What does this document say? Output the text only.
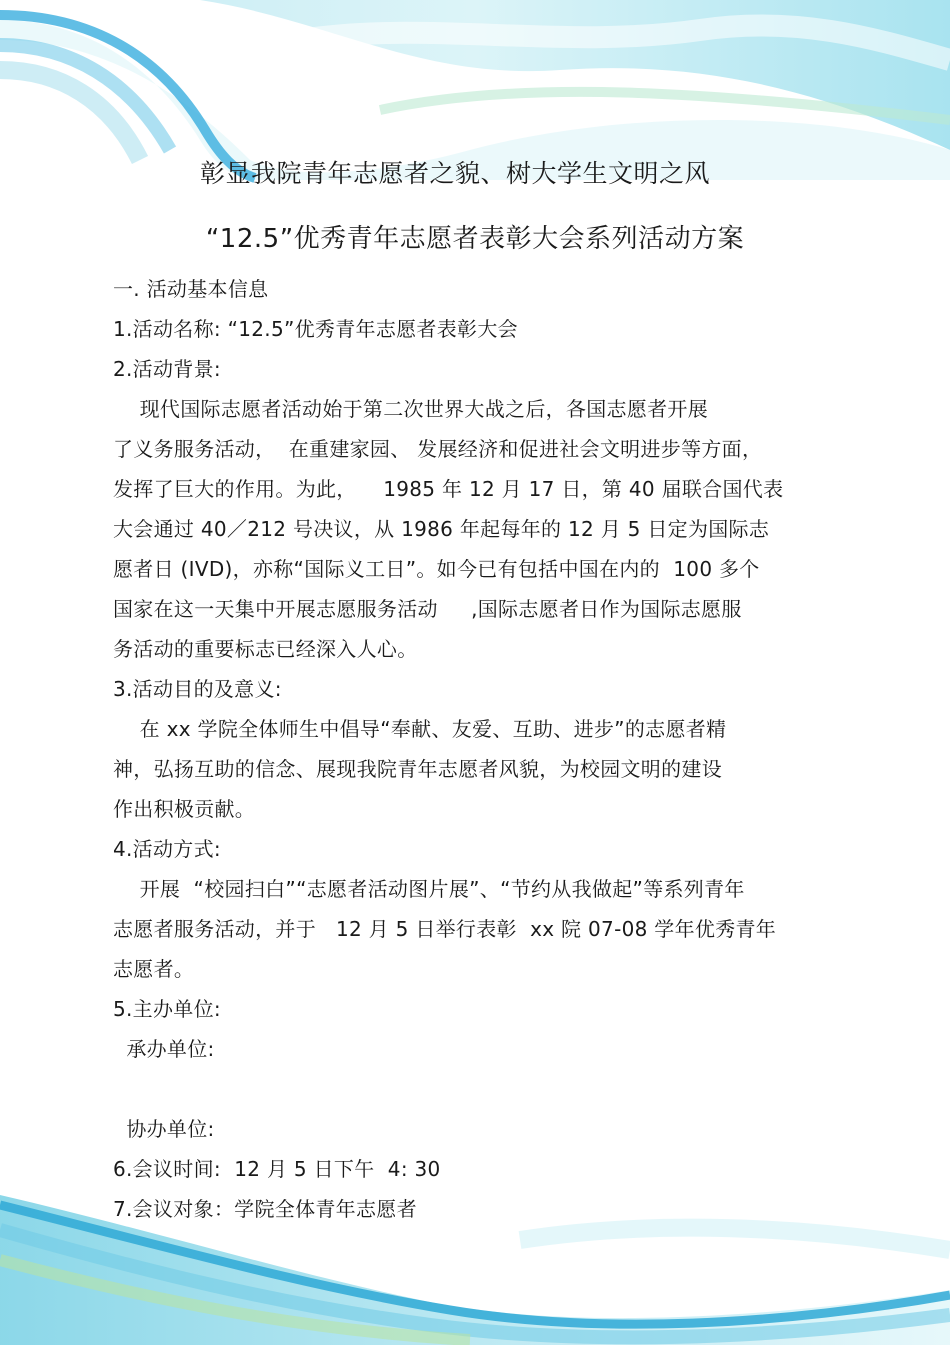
彰显我院青年志愿者之貌、树大学生文明之风
“12.5”优秀青年志愿者表彰大会系列活动方案
一. 活动基本信息
1.活动名称: “12.5”优秀青年志愿者表彰大会
2.活动背景:
现代国际志愿者活动始于第二次世界大战之后，各国志愿者开展
了义务服务活动，  在重建家园、 发展经济和促进社会文明进步等方面，
发挥了巨大的作用。为此，    1985 年 12 月 17 日，第 40 届联合国代表
大会通过 40／212 号决议，从 1986 年起每年的 12 月 5 日定为国际志
愿者日 (IVD)，亦称“国际义工日”。如今已有包括中国在内的  100 多个
国家在这一天集中开展志愿服务活动     ,国际志愿者日作为国际志愿服
务活动的重要标志已经深入人心。
3.活动目的及意义:
在 xx 学院全体师生中倡导“奉献、友爱、互助、进步”的志愿者精
神，弘扬互助的信念、展现我院青年志愿者风貌，为校园文明的建设
作出积极贡献。
4.活动方式:
开展  “校园扫白”“志愿者活动图片展”、“节约从我做起”等系列青年
志愿者服务活动，并于   12 月 5 日举行表彰  xx 院 07-08 学年优秀青年
志愿者。
5.主办单位:
承办单位:
协办单位:
6.会议时间:  12 月 5 日下午  4: 30
7.会议对象：学院全体青年志愿者
